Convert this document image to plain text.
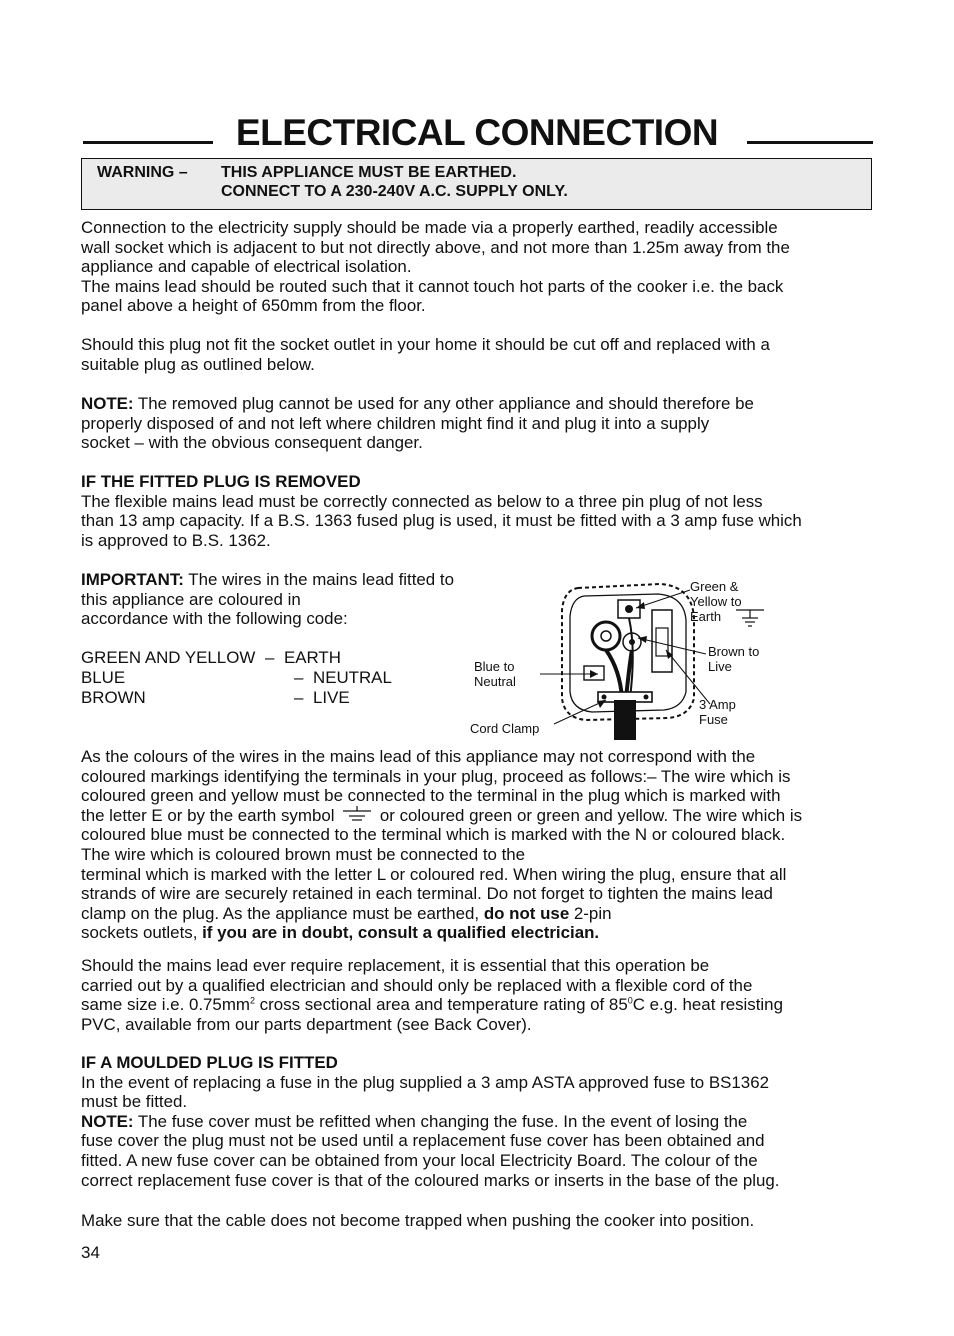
ELECTRICAL CONNECTION
WARNING – THIS APPLIANCE MUST BE EARTHED.
CONNECT TO A 230-240V A.C. SUPPLY ONLY.
Connection to the electricity supply should be made via a properly earthed, readily accessible
wall socket which is adjacent to but not directly above, and not more than 1.25m away from the
appliance and capable of electrical isolation.
The mains lead should be routed such that it cannot touch hot parts of the cooker i.e. the back
panel above a height of 650mm from the floor.
Should this plug not fit the socket outlet in your home it should be cut off and replaced with a
suitable plug as outlined below.
NOTE: The removed plug cannot be used for any other appliance and should therefore be
properly disposed of and not left where children might find it and plug it into a supply
socket – with the obvious consequent danger.
IF THE FITTED PLUG IS REMOVED
The flexible mains lead must be correctly connected as below to a three pin plug of not less
than 13 amp capacity. If a B.S. 1363 fused plug is used, it must be fitted with a 3 amp fuse which
is approved to B.S. 1362.
IMPORTANT: The wires in the mains lead fitted to
this appliance are coloured in
accordance with the following code:
GREEN AND YELLOW – EARTH
BLUE	– NEUTRAL
BROWN	– LIVE
Green &
Yellow to
Earth
Brown to
Live
3 Amp
Fuse
Blue to
Neutral
Cord Clamp
As the colours of the wires in the mains lead of this appliance may not correspond with the
coloured markings identifying the terminals in your plug, proceed as follows:– The wire which is
coloured green and yellow must be connected to the terminal in the plug which is marked with
the letter E or by the earth symbol  or coloured green or green and yellow. The wire which is
coloured blue must be connected to the terminal which is marked with the N or coloured black.
The wire which is coloured brown must be connected to the
terminal which is marked with the letter L or coloured red. When wiring the plug, ensure that all
strands of wire are securely retained in each terminal. Do not forget to tighten the mains lead
clamp on the plug. As the appliance must be earthed, do not use 2-pin
sockets outlets, if you are in doubt, consult a qualified electrician.
Should the mains lead ever require replacement, it is essential that this operation be
carried out by a qualified electrician and should only be replaced with a flexible cord of the
same size i.e. $0.75mm^2$ cross sectional area and temperature rating of $85^0C$ e.g. heat resisting
PVC, available from our parts department (see Back Cover).
IF A MOULDED PLUG IS FITTED
In the event of replacing a fuse in the plug supplied a 3 amp ASTA approved fuse to BS1362
must be fitted.
NOTE: The fuse cover must be refitted when changing the fuse. In the event of losing the
fuse cover the plug must not be used until a replacement fuse cover has been obtained and
fitted. A new fuse cover can be obtained from your local Electricity Board. The colour of the
correct replacement fuse cover is that of the coloured marks or inserts in the base of the plug.
Make sure that the cable does not become trapped when pushing the cooker into position.
34
